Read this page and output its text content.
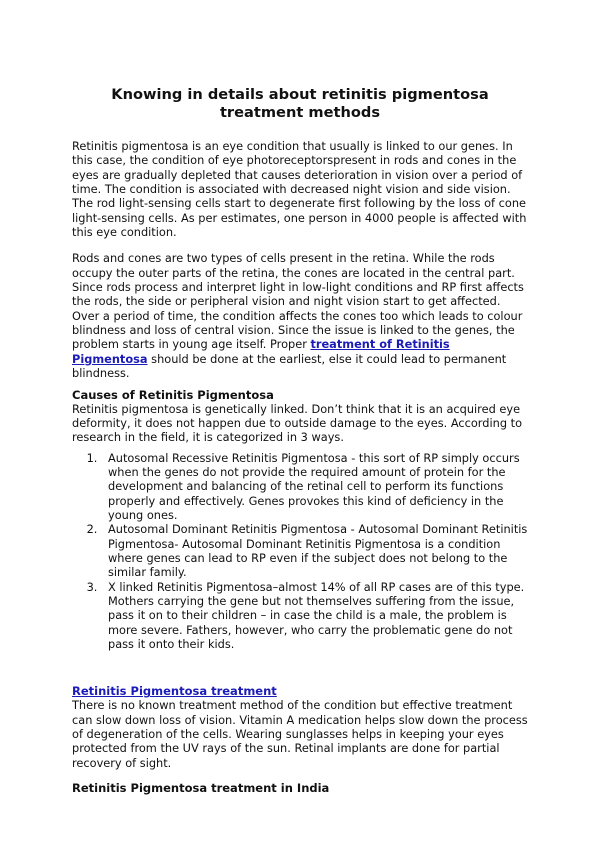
Knowing in details about retinitis pigmentosa treatment methods

Retinitis pigmentosa is an eye condition that usually is linked to our genes. In this case, the condition of eye photoreceptorspresent in rods and cones in the eyes are gradually depleted that causes deterioration in vision over a period of time. The condition is associated with decreased night vision and side vision. The rod light-sensing cells start to degenerate first following by the loss of cone light-sensing cells. As per estimates, one person in 4000 people is affected with this eye condition.

Rods and cones are two types of cells present in the retina. While the rods occupy the outer parts of the retina, the cones are located in the central part. Since rods process and interpret light in low-light conditions and RP first affects the rods, the side or peripheral vision and night vision start to get affected. Over a period of time, the condition affects the cones too which leads to colour blindness and loss of central vision. Since the issue is linked to the genes, the problem starts in young age itself. Proper treatment of Retinitis Pigmentosa should be done at the earliest, else it could lead to permanent blindness.

Causes of Retinitis Pigmentosa

Retinitis pigmentosa is genetically linked. Don’t think that it is an acquired eye deformity, it does not happen due to outside damage to the eyes. According to research in the field, it is categorized in 3 ways.

1. Autosomal Recessive Retinitis Pigmentosa - this sort of RP simply occurs when the genes do not provide the required amount of protein for the development and balancing of the retinal cell to perform its functions properly and effectively. Genes provokes this kind of deficiency in the young ones.
2. Autosomal Dominant Retinitis Pigmentosa - Autosomal Dominant Retinitis Pigmentosa- Autosomal Dominant Retinitis Pigmentosa is a condition where genes can lead to RP even if the subject does not belong to the similar family.
3. X linked Retinitis Pigmentosa–almost 14% of all RP cases are of this type. Mothers carrying the gene but not themselves suffering from the issue, pass it on to their children – in case the child is a male, the problem is more severe. Fathers, however, who carry the problematic gene do not pass it onto their kids.

Retinitis Pigmentosa treatment

There is no known treatment method of the condition but effective treatment can slow down loss of vision. Vitamin A medication helps slow down the process of degeneration of the cells. Wearing sunglasses helps in keeping your eyes protected from the UV rays of the sun. Retinal implants are done for partial recovery of sight.

Retinitis Pigmentosa treatment in India
